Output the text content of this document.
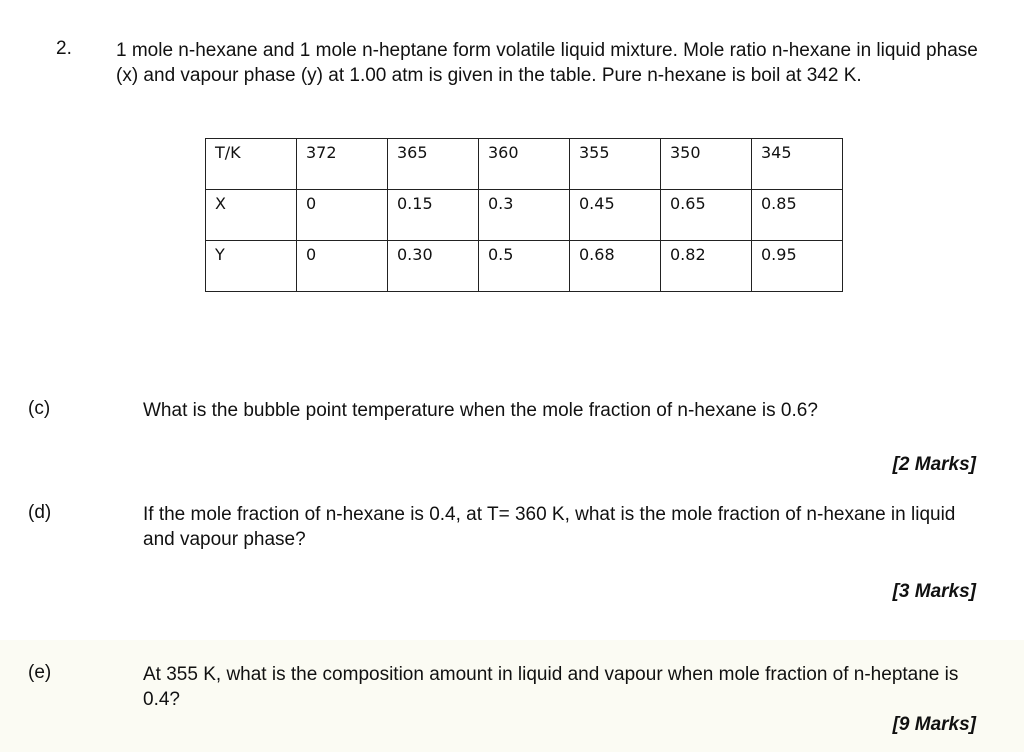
2. 1 mole n-hexane and 1 mole n-heptane form volatile liquid mixture. Mole ratio n-hexane in liquid phase (x) and vapour phase (y) at 1.00 atm is given in the table. Pure n-hexane is boil at 342 K.
T/K	372	365	360	355	350	345
X	0	0.15	0.3	0.45	0.65	0.85
Y	0	0.30	0.5	0.68	0.82	0.95
(c)	What is the bubble point temperature when the mole fraction of n-hexane is 0.6?
[2 Marks]
(d)	If the mole fraction of n-hexane is 0.4, at T= 360 K, what is the mole fraction of n-hexane in liquid and vapour phase?
[3 Marks]
(e)	At 355 K, what is the composition amount in liquid and vapour when mole fraction of n-heptane is 0.4?
[9 Marks]
